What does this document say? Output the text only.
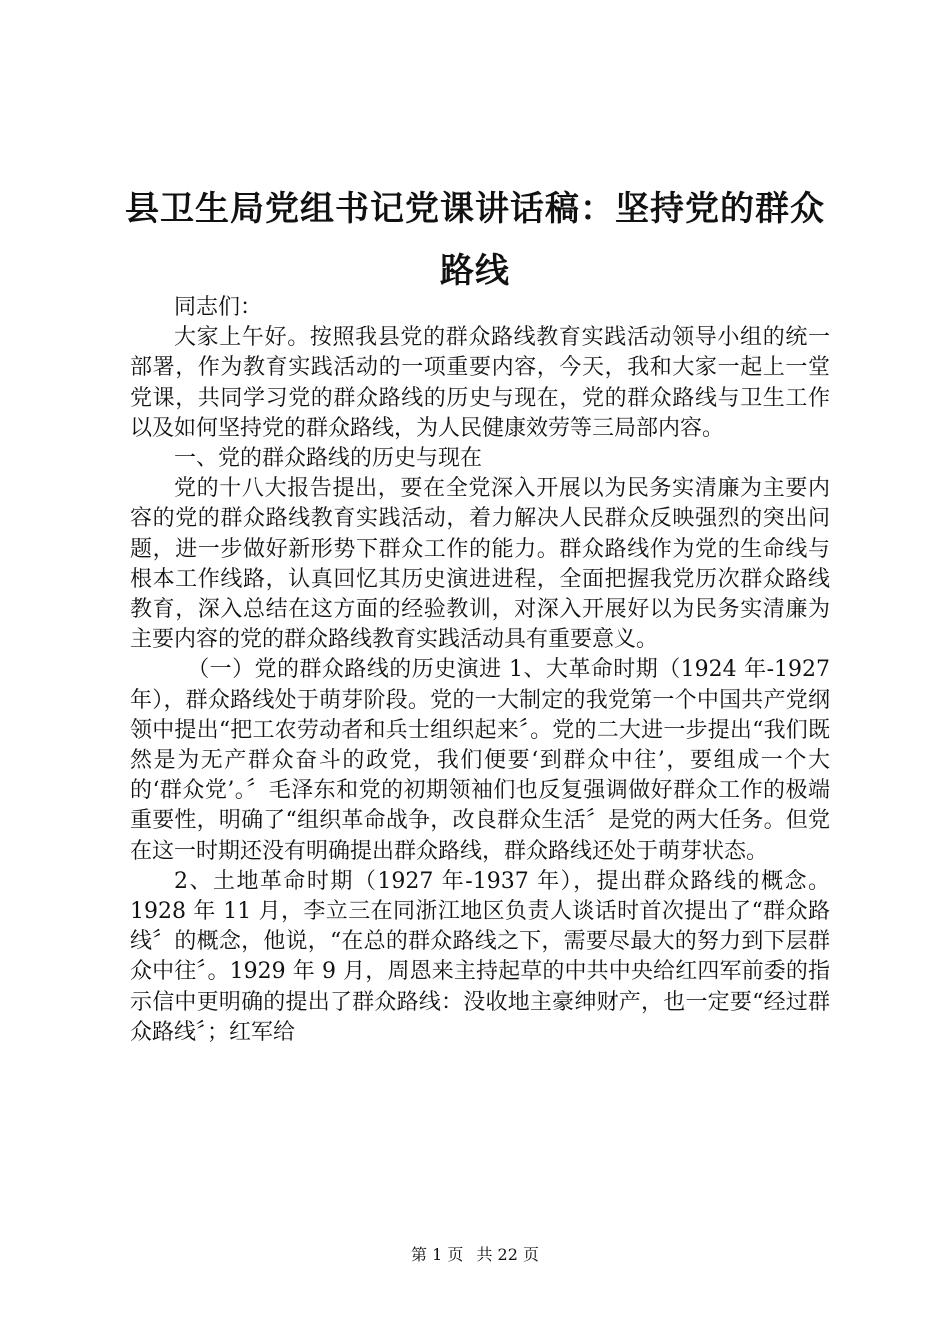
县卫生局党组书记党课讲话稿：坚持党的群众路线

同志们：

大家上午好。按照我县党的群众路线教育实践活动领导小组的统一部署，作为教育实践活动的一项重要内容，今天，我和大家一起上一堂党课，共同学习党的群众路线的历史与现在，党的群众路线与卫生工作以及如何坚持党的群众路线，为人民健康效劳等三局部内容。

一、党的群众路线的历史与现在

党的十八大报告提出，要在全党深入开展以为民务实清廉为主要内容的党的群众路线教育实践活动，着力解决人民群众反映强烈的突出问题，进一步做好新形势下群众工作的能力。群众路线作为党的生命线与根本工作线路，认真回忆其历史演进进程，全面把握我党历次群众路线教育，深入总结在这方面的经验教训，对深入开展好以为民务实清廉为主要内容的党的群众路线教育实践活动具有重要意义。

（一）党的群众路线的历史演进 1、大革命时期（1924 年-1927 年），群众路线处于萌芽阶段。党的一大制定的我党第一个中国共产党纲领中提出“把工农劳动者和兵士组织起来〞。党的二大进一步提出“我们既然是为无产群众奋斗的政党，我们便要‘到群众中往’，要组成一个大的‘群众党’。〞毛泽东和党的初期领袖们也反复强调做好群众工作的极端重要性，明确了“组织革命战争，改良群众生活〞是党的两大任务。但党在这一时期还没有明确提出群众路线，群众路线还处于萌芽状态。

2、土地革命时期（1927 年-1937 年），提出群众路线的概念。1928 年 11 月，李立三在同浙江地区负责人谈话时首次提出了“群众路线〞的概念，他说，“在总的群众路线之下，需要尽最大的努力到下层群众中往〞。1929 年 9 月，周恩来主持起草的中共中央给红四军前委的指示信中更明确的提出了群众路线：没收地主豪绅财产，也一定要“经过群众路线〞；红军给

第 1 页 共 22 页
